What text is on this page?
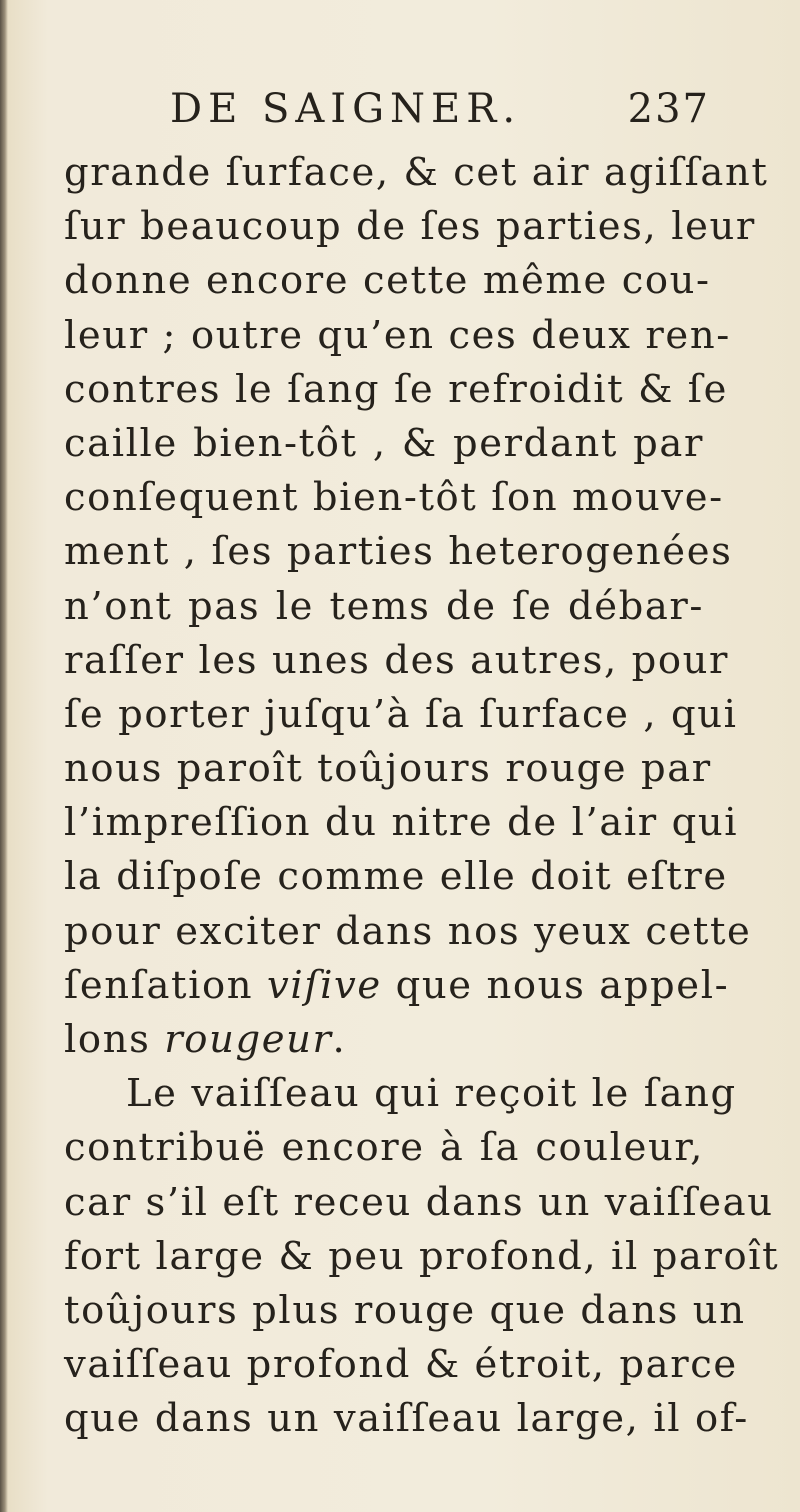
DE SAIGNER.	237
grande ſurface, & cet air agiſſant
ſur beaucoup de ſes parties, leur
donne encore cette même cou-
leur ; outre qu’en ces deux ren-
contres le ſang ſe refroidit & ſe
caille bien-tôt , & perdant par
conſequent bien-tôt ſon mouve-
ment , ſes parties heterogenées
n’ont pas le tems de ſe débar-
raſſer les unes des autres, pour
ſe porter juſqu’à ſa ſurface , qui
nous paroît toûjours rouge par
l’impreſſion du nitre de l’air qui
la diſpoſe comme elle doit eſtre
pour exciter dans nos yeux cette
ſenſation viſive que nous appel-
lons rougeur.
Le vaiſſeau qui reçoit le ſang
contribuë encore à ſa couleur,
car s’il eſt receu dans un vaiſſeau
fort large & peu profond, il paroît
toûjours plus rouge que dans un
vaiſſeau profond & étroit, parce
que dans un vaiſſeau large, il of-
